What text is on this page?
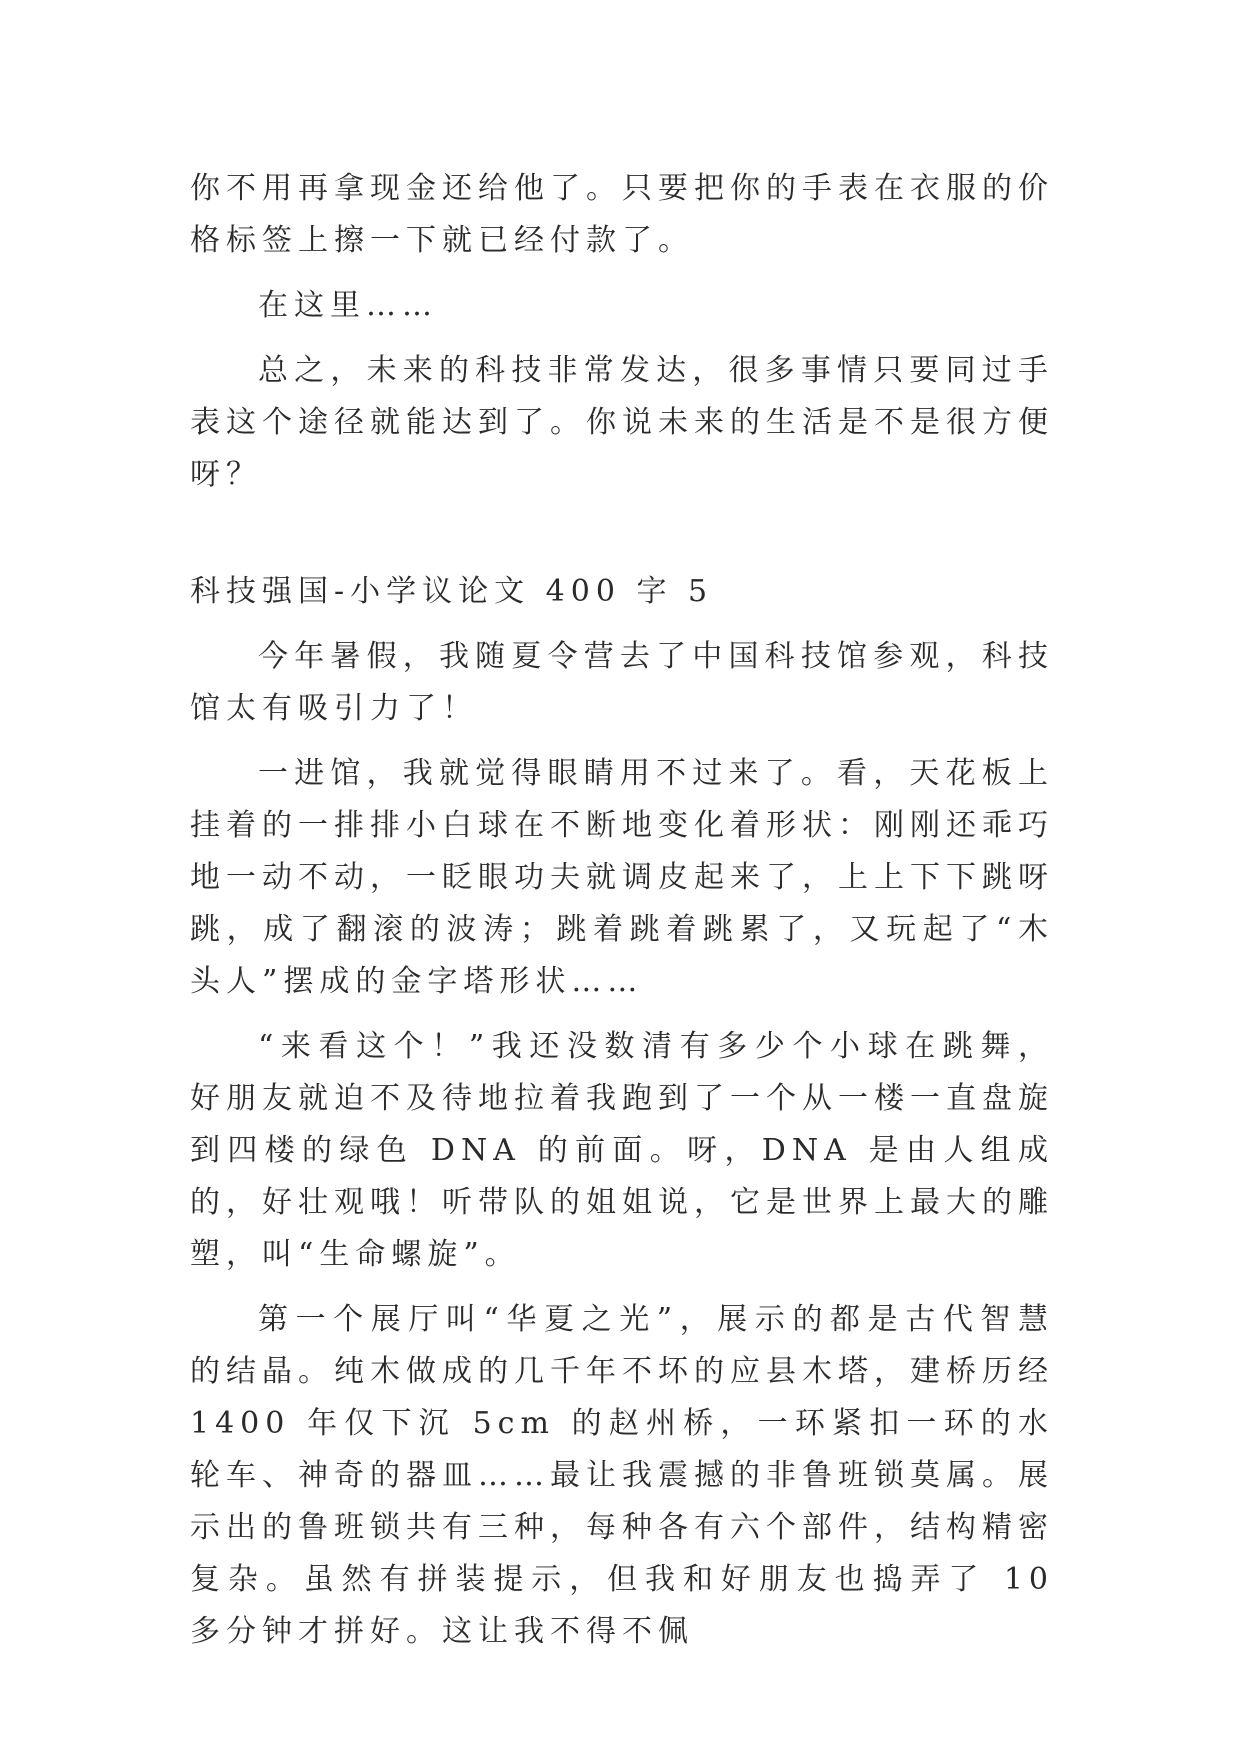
你不用再拿现金还给他了。只要把你的手表在衣服的价格标签上擦一下就已经付款了。

在这里……

总之，未来的科技非常发达，很多事情只要同过手表这个途径就能达到了。你说未来的生活是不是很方便呀？

科技强国-小学议论文 400 字 5

今年暑假，我随夏令营去了中国科技馆参观，科技馆太有吸引力了！

一进馆，我就觉得眼睛用不过来了。看，天花板上挂着的一排排小白球在不断地变化着形状：刚刚还乖巧地一动不动，一眨眼功夫就调皮起来了，上上下下跳呀跳，成了翻滚的波涛；跳着跳着跳累了，又玩起了“木头人”摆成的金字塔形状……

“来看这个！”我还没数清有多少个小球在跳舞，好朋友就迫不及待地拉着我跑到了一个从一楼一直盘旋到四楼的绿色 DNA 的前面。呀，DNA 是由人组成的，好壮观哦！听带队的姐姐说，它是世界上最大的雕塑，叫“生命螺旋”。

第一个展厅叫“华夏之光”，展示的都是古代智慧的结晶。纯木做成的几千年不坏的应县木塔，建桥历经 1400 年仅下沉 5cm 的赵州桥，一环紧扣一环的水轮车、神奇的器皿……最让我震撼的非鲁班锁莫属。展示出的鲁班锁共有三种，每种各有六个部件，结构精密复杂。虽然有拼装提示，但我和好朋友也捣弄了 10 多分钟才拼好。这让我不得不佩
